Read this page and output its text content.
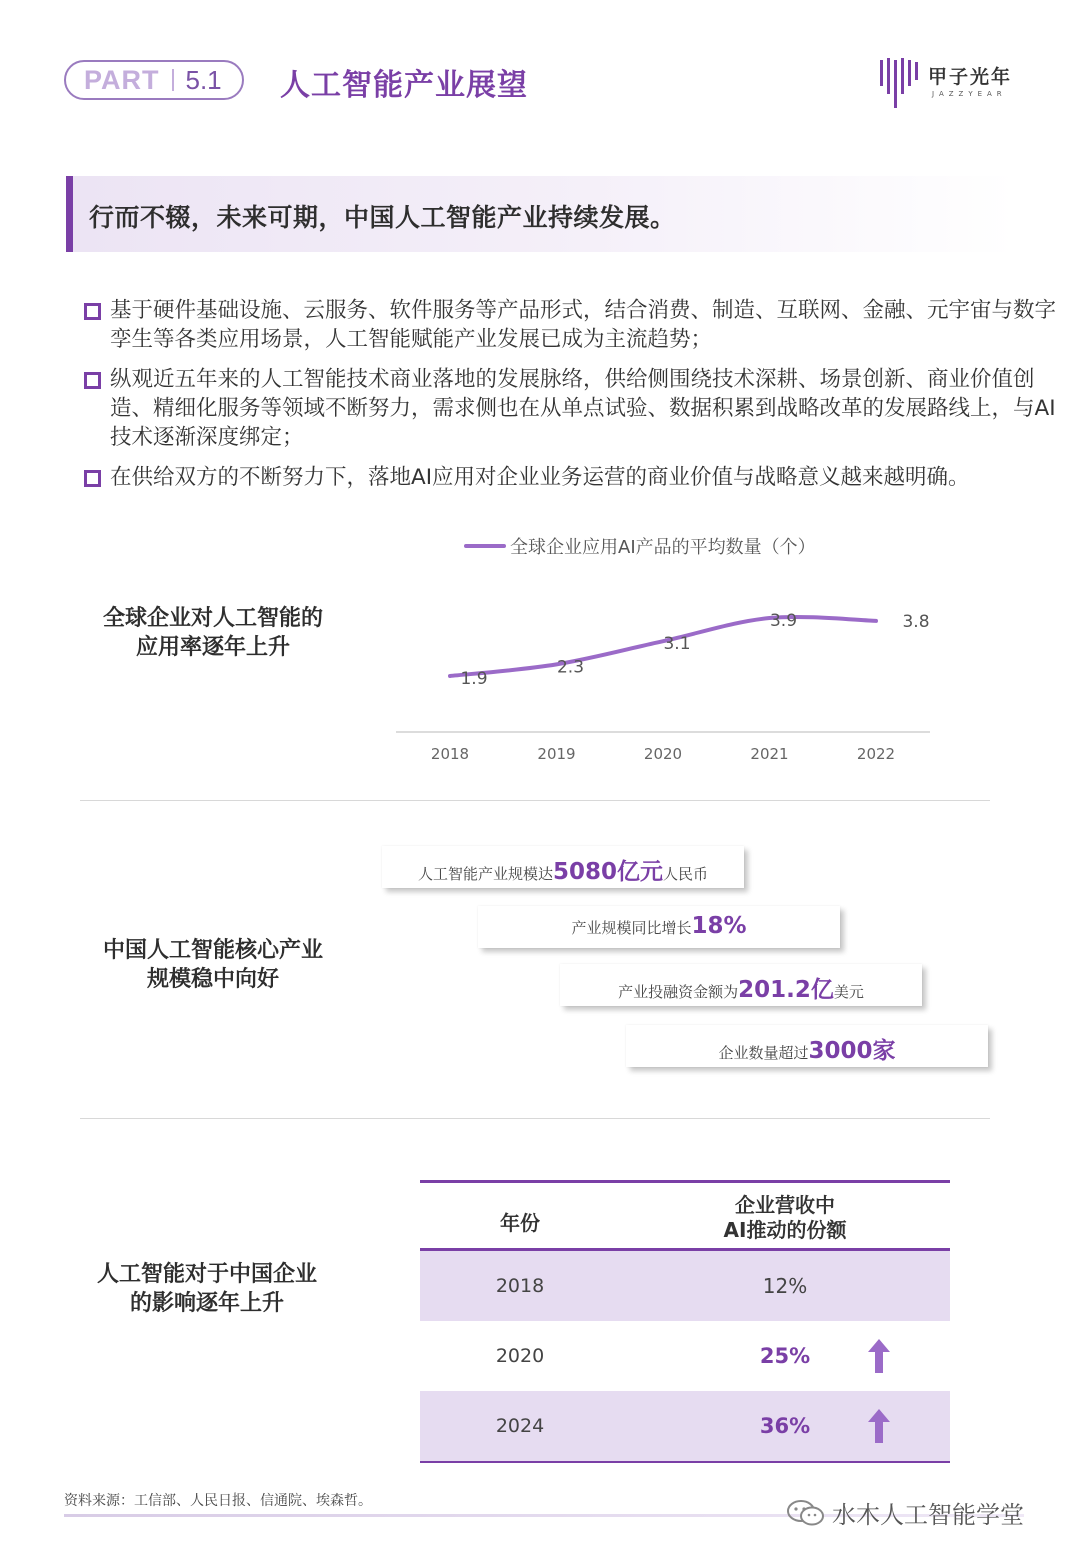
PART 5.1 人工智能产业展望	甲子光年
JAZZYEAR
行而不辍，未来可期，中国人工智能产业持续发展。
基于硬件基础设施、云服务、软件服务等产品形式，结合消费、制造、互联网、金融、元宇宙与数字孪生等各类应用场景，人工智能赋能产业发展已成为主流趋势；
纵观近五年来的人工智能技术商业落地的发展脉络，供给侧围绕技术深耕、场景创新、商业价值创造、精细化服务等领域不断努力，需求侧也在从单点试验、数据积累到战略改革的发展路线上，与AI技术逐渐深度绑定；
在供给双方的不断努力下，落地AI应用对企业业务运营的商业价值与战略意义越来越明确。
全球企业对人工智能的
应用率逐年上升
全球企业应用AI产品的平均数量（个）
1.9
2.3
3.1
3.9	3.8
2018	2019	2020	2021	2022
中国人工智能核心产业
规模稳中向好
人工智能产业规模达 5080亿元 人民币
产业规模同比增长 18%
产业投融资金额为 201.2亿 美元
企业数量超过 3000家
人工智能对于中国企业
的影响逐年上升
年份
企业营收中
AI推动的份额
2018	12%
2020	25%
2024	36%
资料来源：工信部、人民日报、信通院、埃森哲。	水木人工智能学堂
